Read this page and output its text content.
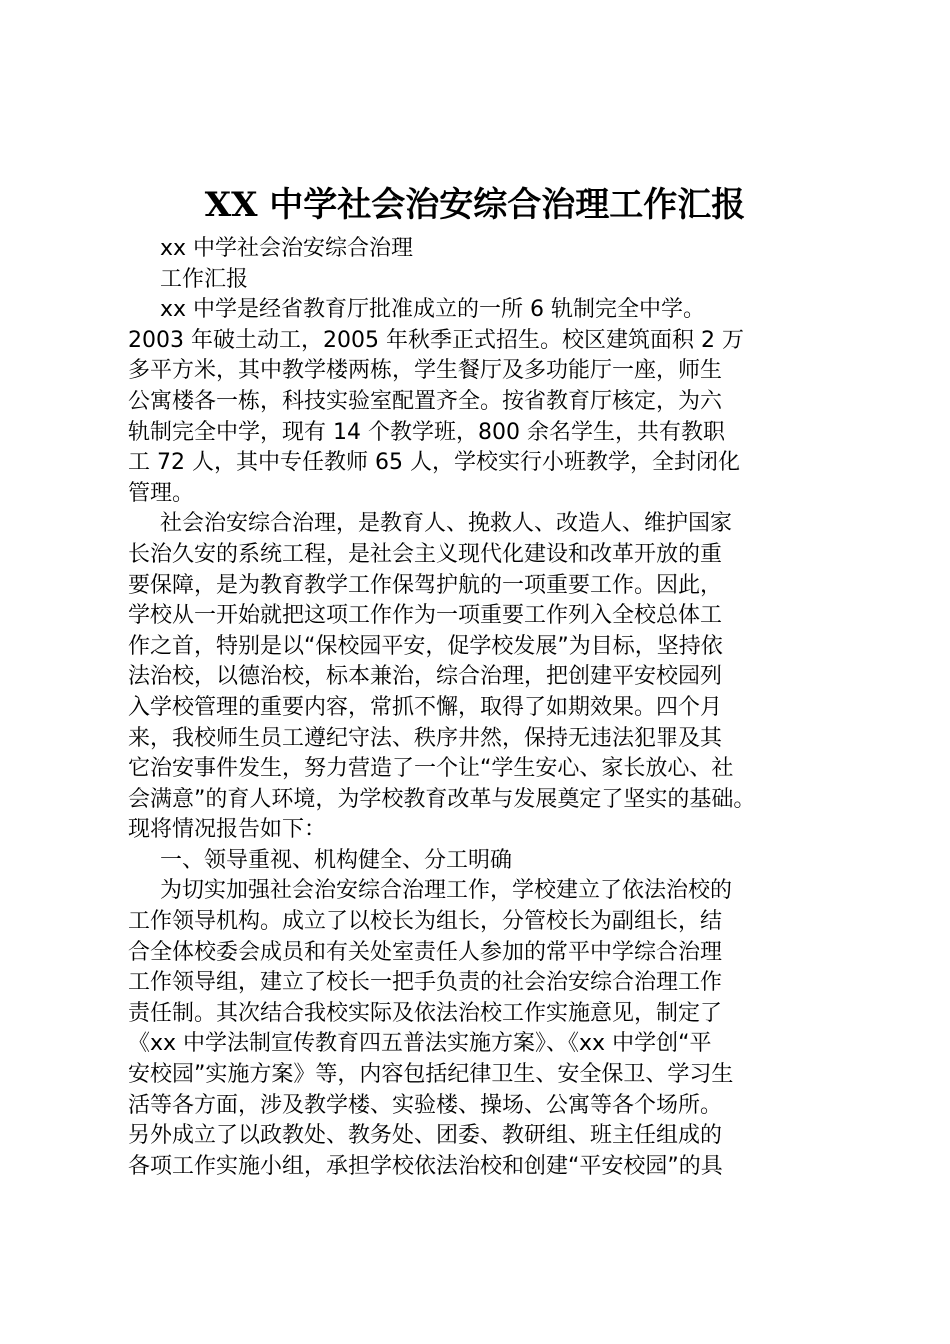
XX 中学社会治安综合治理工作汇报
xx 中学社会治安综合治理
工作汇报
xx 中学是经省教育厅批准成立的一所 6 轨制完全中学。
2003 年破土动工，2005 年秋季正式招生。校区建筑面积 2 万
多平方米，其中教学楼两栋，学生餐厅及多功能厅一座，师生
公寓楼各一栋，科技实验室配置齐全。按省教育厅核定，为六
轨制完全中学，现有 14 个教学班，800 余名学生，共有教职
工 72 人，其中专任教师 65 人，学校实行小班教学，全封闭化
管理。
社会治安综合治理，是教育人、挽救人、改造人、维护国家
长治久安的系统工程，是社会主义现代化建设和改革开放的重
要保障，是为教育教学工作保驾护航的一项重要工作。因此，
学校从一开始就把这项工作作为一项重要工作列入全校总体工
作之首，特别是以“保校园平安，促学校发展”为目标，坚持依
法治校，以德治校，标本兼治，综合治理，把创建平安校园列
入学校管理的重要内容，常抓不懈，取得了如期效果。四个月
来，我校师生员工遵纪守法、秩序井然，保持无违法犯罪及其
它治安事件发生，努力营造了一个让“学生安心、家长放心、社
会满意”的育人环境，为学校教育改革与发展奠定了坚实的基础。
现将情况报告如下：
一、领导重视、机构健全、分工明确
为切实加强社会治安综合治理工作，学校建立了依法治校的
工作领导机构。成立了以校长为组长，分管校长为副组长，结
合全体校委会成员和有关处室责任人参加的常平中学综合治理
工作领导组，建立了校长一把手负责的社会治安综合治理工作
责任制。其次结合我校实际及依法治校工作实施意见，制定了
《xx 中学法制宣传教育四五普法实施方案》、《xx 中学创“平
安校园”实施方案》等，内容包括纪律卫生、安全保卫、学习生
活等各方面，涉及教学楼、实验楼、操场、公寓等各个场所。
另外成立了以政教处、教务处、团委、教研组、班主任组成的
各项工作实施小组，承担学校依法治校和创建“平安校园”的具
